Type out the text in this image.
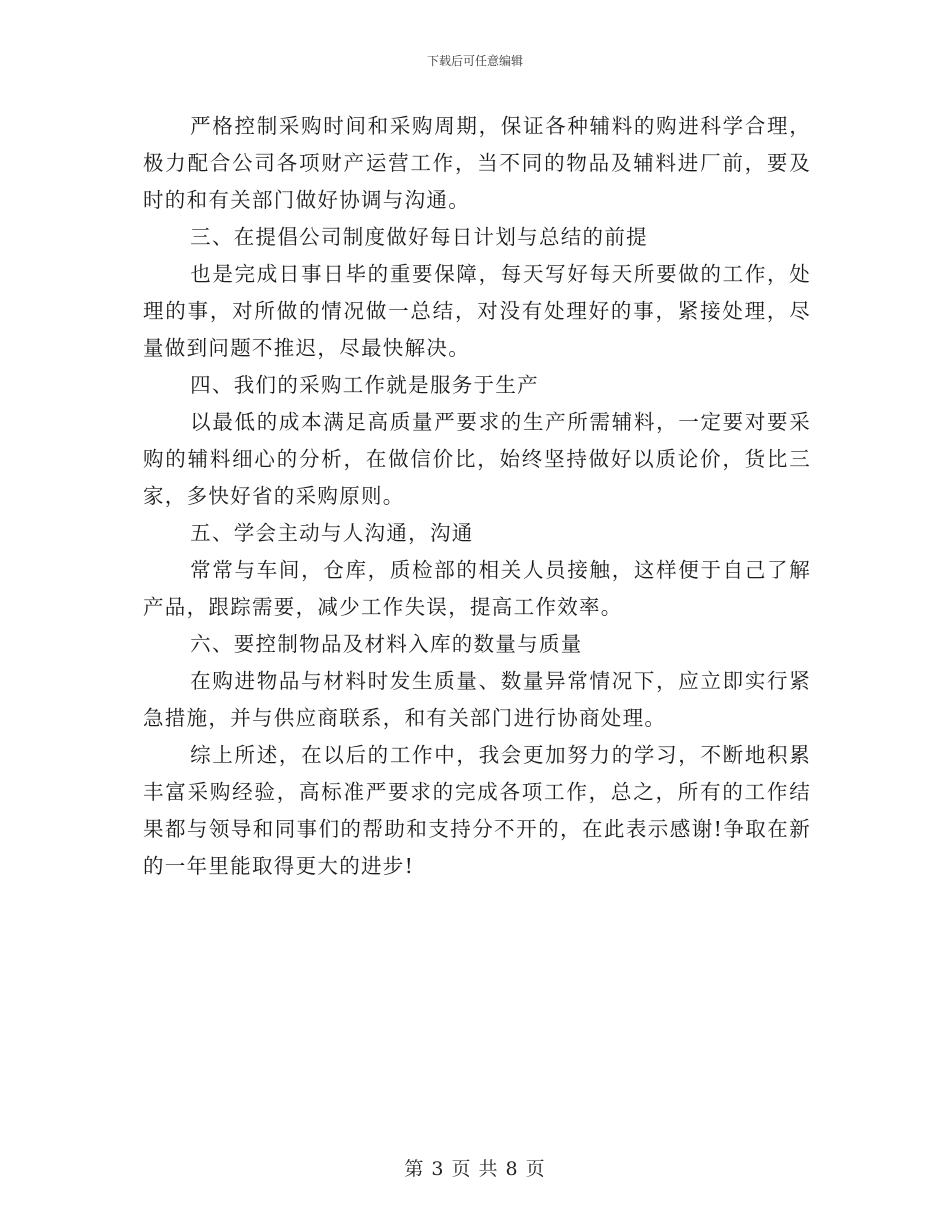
下载后可任意编辑

严格控制采购时间和采购周期，保证各种辅料的购进科学合理，极力配合公司各项财产运营工作，当不同的物品及辅料进厂前，要及时的和有关部门做好协调与沟通。

三、在提倡公司制度做好每日计划与总结的前提

也是完成日事日毕的重要保障，每天写好每天所要做的工作，处理的事，对所做的情况做一总结，对没有处理好的事，紧接处理，尽量做到问题不推迟，尽最快解决。

四、我们的采购工作就是服务于生产

以最低的成本满足高质量严要求的生产所需辅料，一定要对要采购的辅料细心的分析，在做信价比，始终坚持做好以质论价，货比三家，多快好省的采购原则。

五、学会主动与人沟通，沟通

常常与车间，仓库，质检部的相关人员接触，这样便于自己了解产品，跟踪需要，减少工作失误，提高工作效率。

六、要控制物品及材料入库的数量与质量

在购进物品与材料时发生质量、数量异常情况下，应立即实行紧急措施，并与供应商联系，和有关部门进行协商处理。

综上所述，在以后的工作中，我会更加努力的学习，不断地积累丰富采购经验，高标准严要求的完成各项工作，总之，所有的工作结果都与领导和同事们的帮助和支持分不开的，在此表示感谢!争取在新的一年里能取得更大的进步!

第 3 页 共 8 页
